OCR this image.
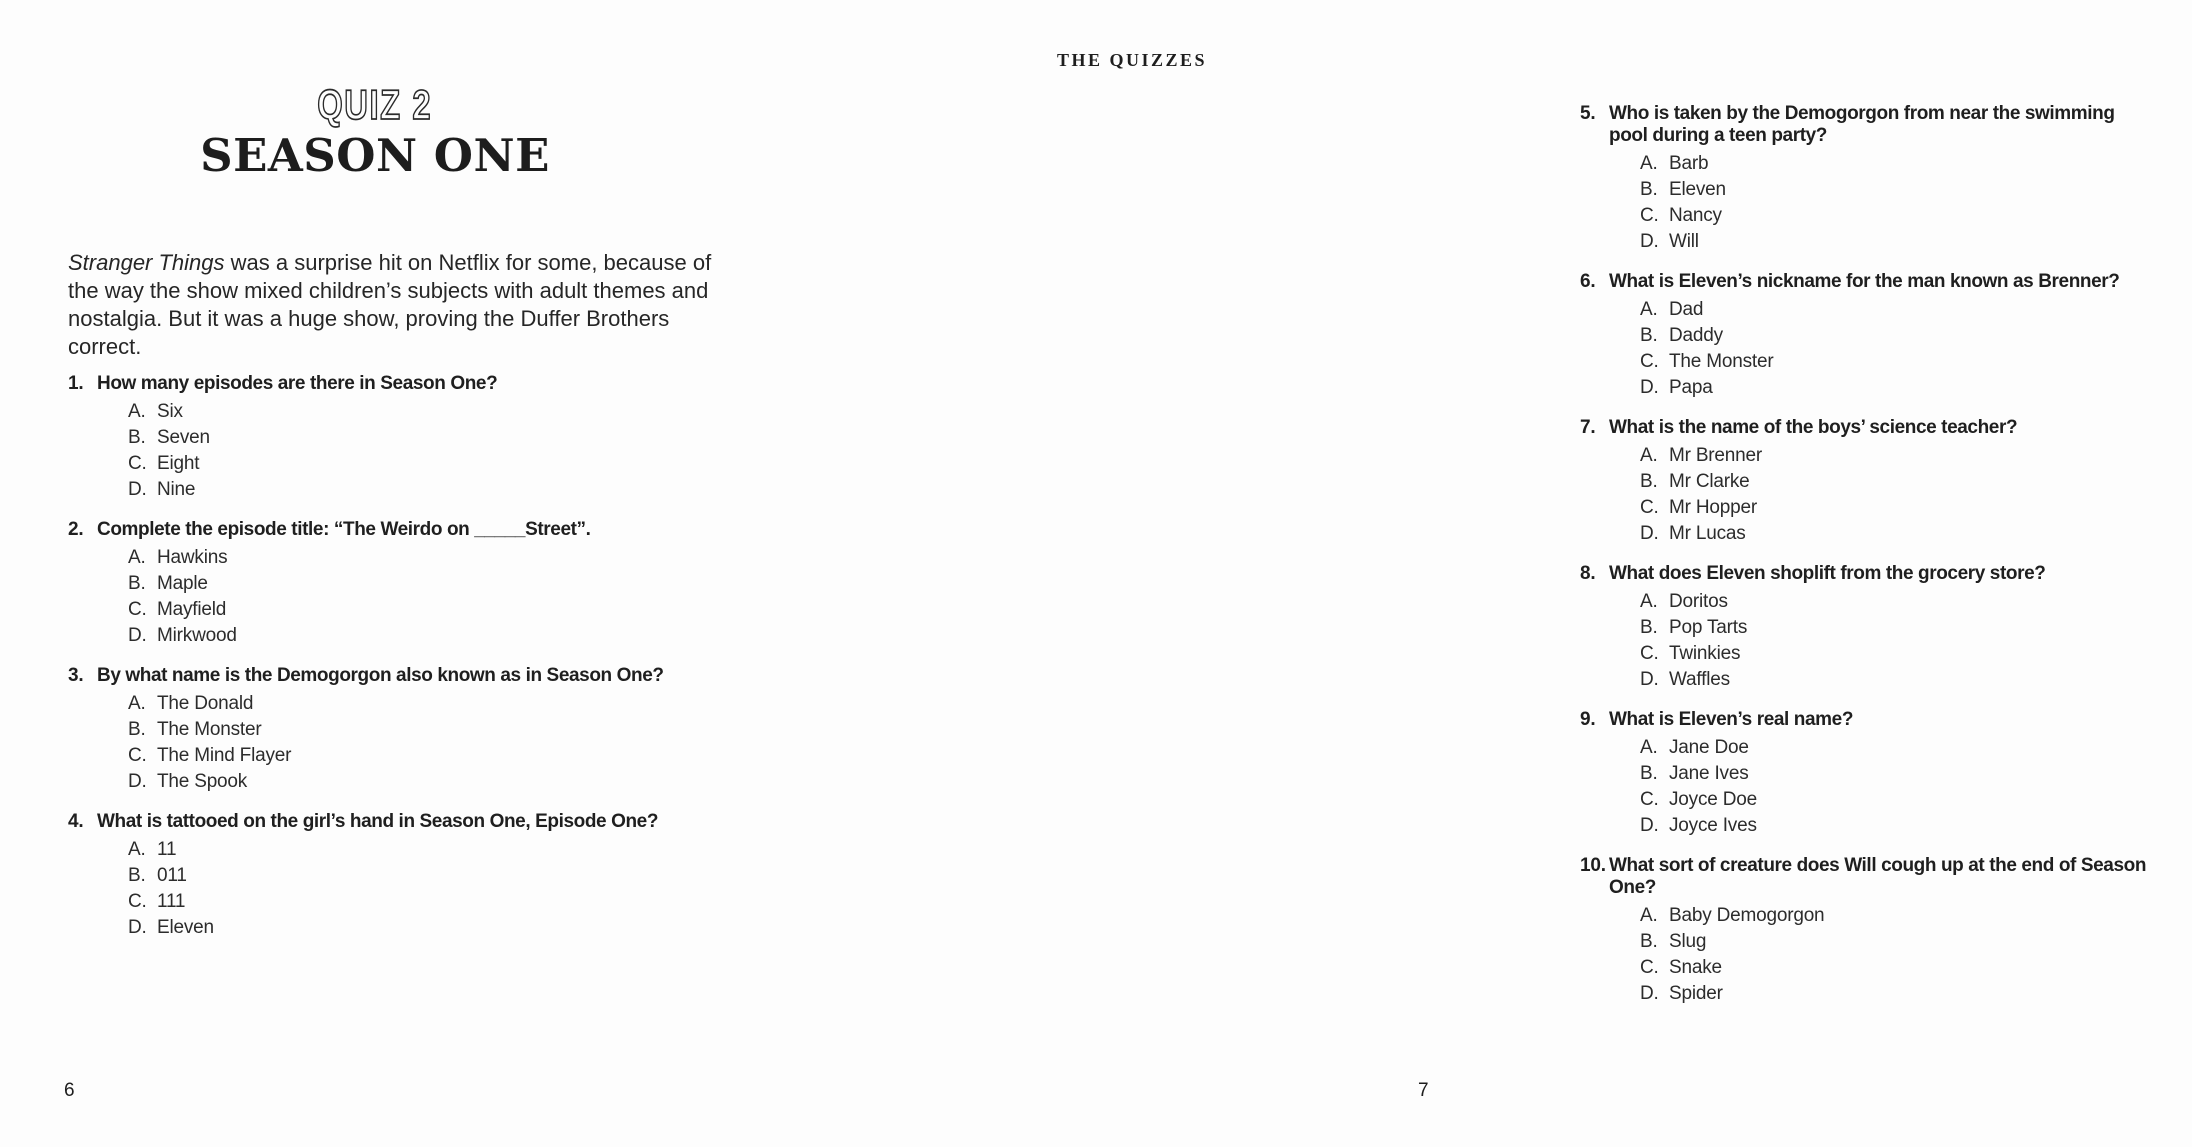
QUIZ 2
SEASON ONE

Stranger Things was a surprise hit on Netflix for some, because of the way the show mixed children’s subjects with adult themes and nostalgia. But it was a huge show, proving the Duffer Brothers correct.

1. How many episodes are there in Season One?
A. Six
B. Seven
C. Eight
D. Nine
2. Complete the episode title: “The Weirdo on _____Street”.
A. Hawkins
B. Maple
C. Mayfield
D. Mirkwood
3. By what name is the Demogorgon also known as in Season One?
A. The Donald
B. The Monster
C. The Mind Flayer
D. The Spook
4. What is tattooed on the girl’s hand in Season One, Episode One?
A. 11
B. 011
C. 111
D. Eleven
THE QUIZZES
5. Who is taken by the Demogorgon from near the swimming pool during a teen party?
A. Barb
B. Eleven
C. Nancy
D. Will
6. What is Eleven’s nickname for the man known as Brenner?
A. Dad
B. Daddy
C. The Monster
D. Papa
7. What is the name of the boys’ science teacher?
A. Mr Brenner
B. Mr Clarke
C. Mr Hopper
D. Mr Lucas
8. What does Eleven shoplift from the grocery store?
A. Doritos
B. Pop Tarts
C. Twinkies
D. Waffles
9. What is Eleven’s real name?
A. Jane Doe
B. Jane Ives
C. Joyce Doe
D. Joyce Ives
10. What sort of creature does Will cough up at the end of Season One?
A. Baby Demogorgon
B. Slug
C. Snake
D. Spider
6	7
